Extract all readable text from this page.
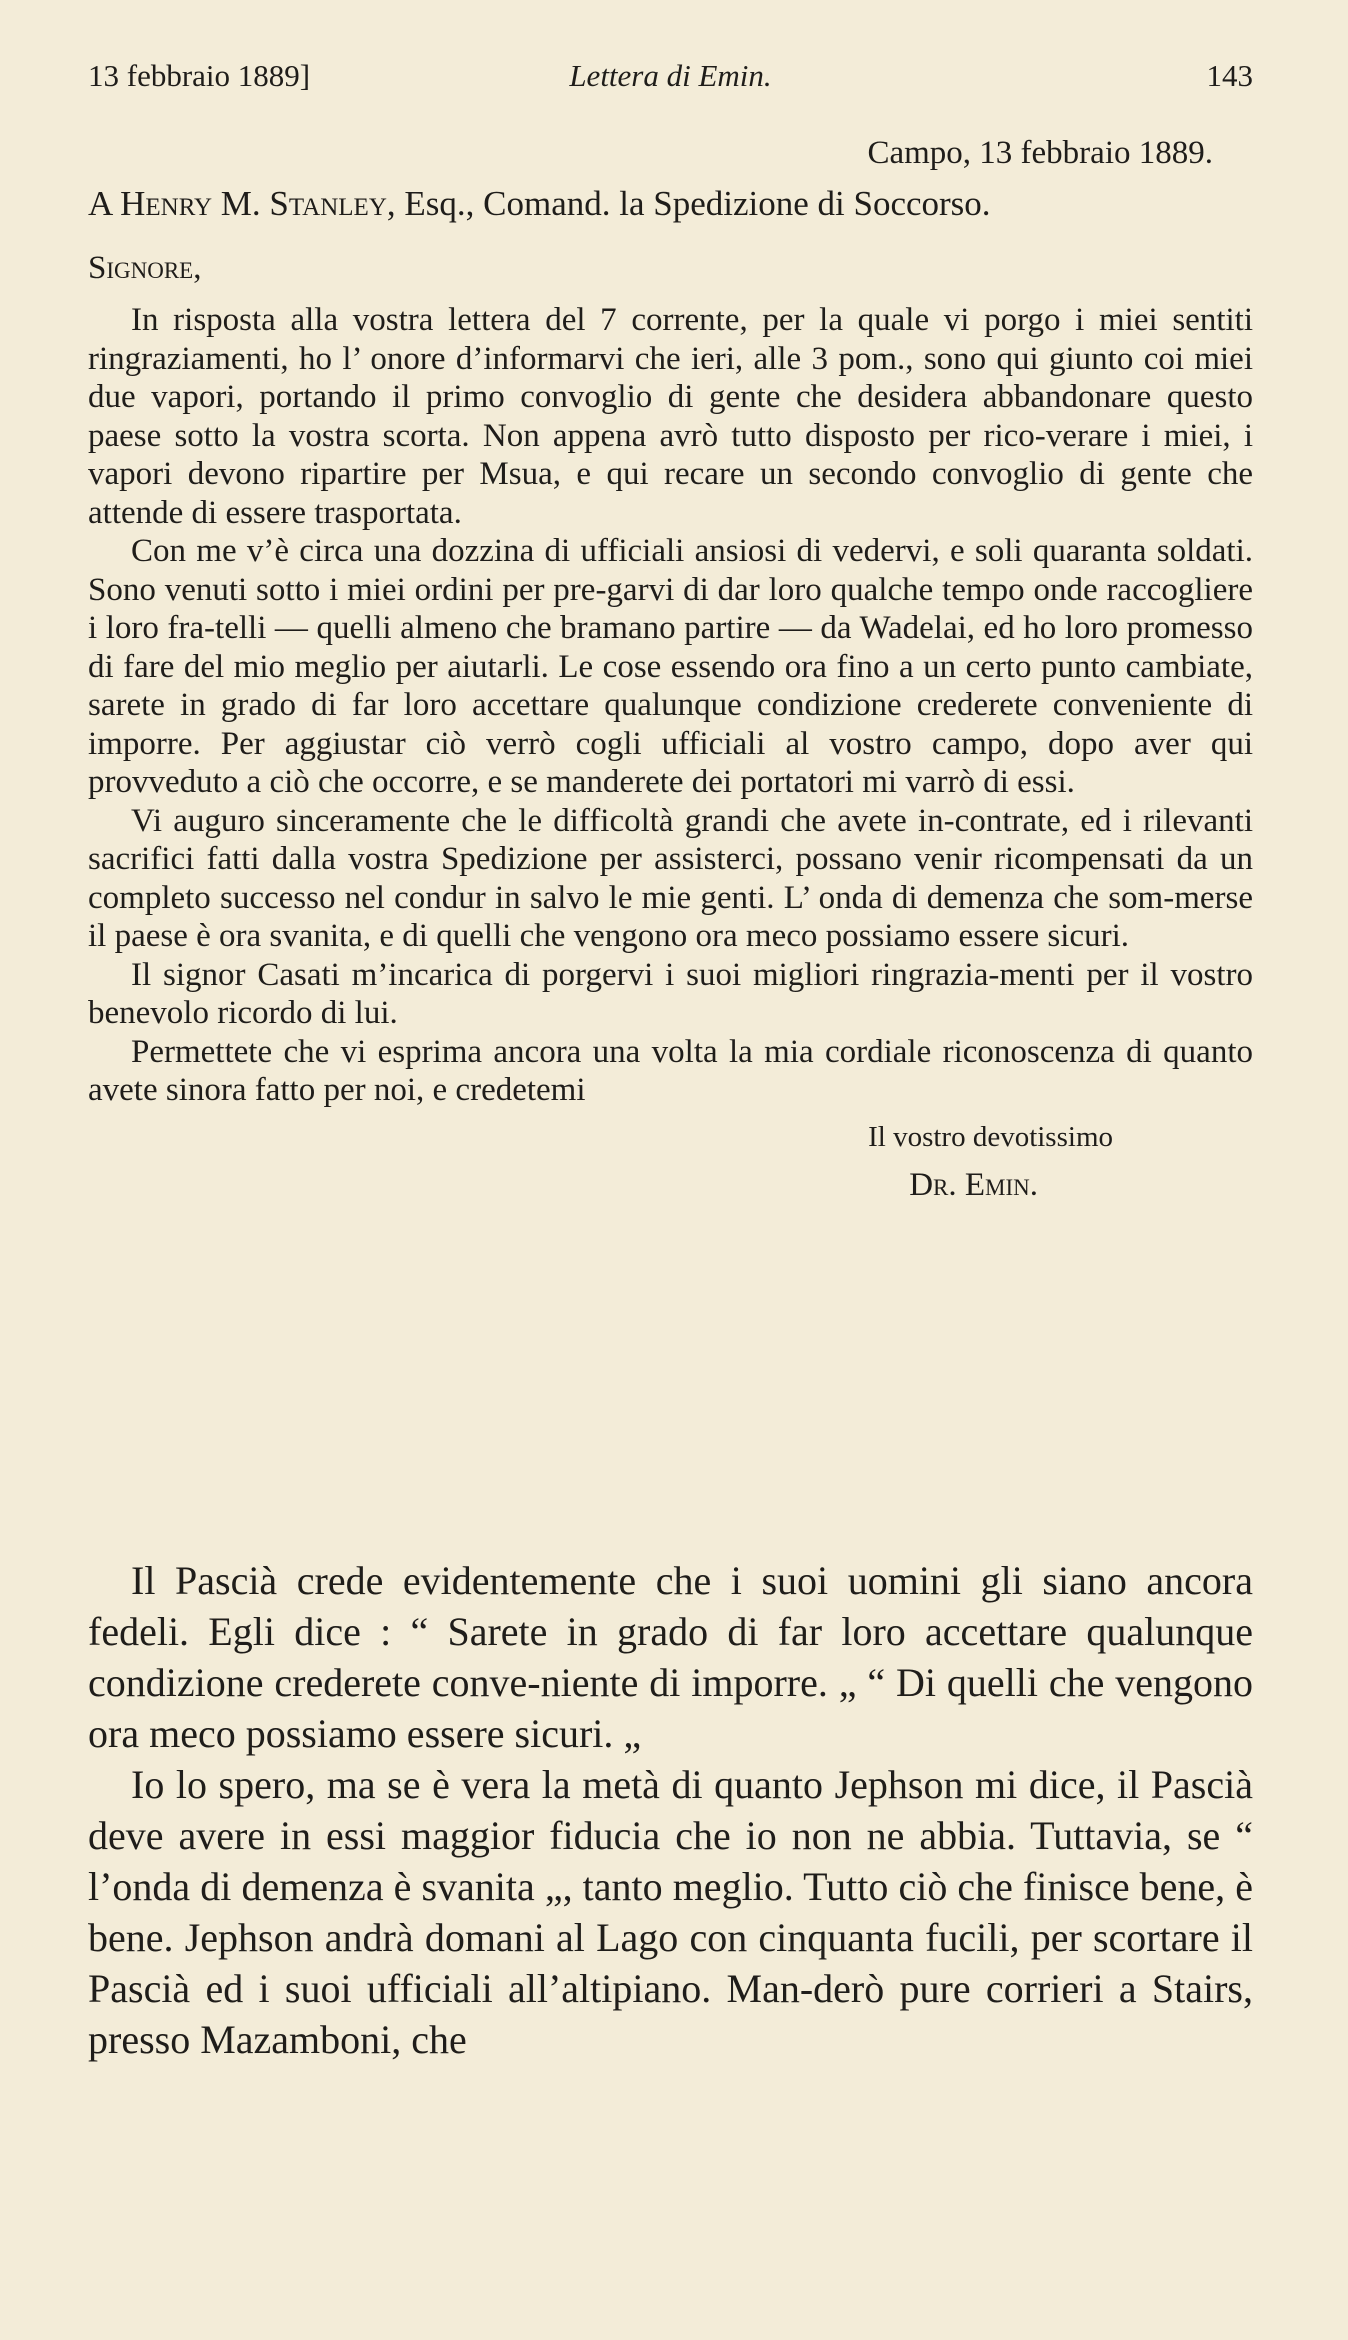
13 febbraio 1889]	Lettera di Emin.	143

Campo, 13 febbraio 1889.

A Henry M. Stanley, Esq., Comand. la Spedizione di Soccorso.

Signore,

In risposta alla vostra lettera del 7 corrente, per la quale vi porgo i miei sentiti ringraziamenti, ho l’ onore d’informarvi che ieri, alle 3 pom., sono qui giunto coi miei due vapori, portando il primo convoglio di gente che desidera abbandonare questo paese sotto la vostra scorta. Non appena avrò tutto disposto per rico-verare i miei, i vapori devono ripartire per Msua, e qui recare un secondo convoglio di gente che attende di essere trasportata.

Con me v’è circa una dozzina di ufficiali ansiosi di vedervi, e soli quaranta soldati. Sono venuti sotto i miei ordini per pre-garvi di dar loro qualche tempo onde raccogliere i loro fra-telli — quelli almeno che bramano partire — da Wadelai, ed ho loro promesso di fare del mio meglio per aiutarli. Le cose essendo ora fino a un certo punto cambiate, sarete in grado di far loro accettare qualunque condizione crederete conveniente di imporre. Per aggiustar ciò verrò cogli ufficiali al vostro campo, dopo aver qui provveduto a ciò che occorre, e se manderete dei portatori mi varrò di essi.

Vi auguro sinceramente che le difficoltà grandi che avete in-contrate, ed i rilevanti sacrifici fatti dalla vostra Spedizione per assisterci, possano venir ricompensati da un completo successo nel condur in salvo le mie genti. L’ onda di demenza che som-merse il paese è ora svanita, e di quelli che vengono ora meco possiamo essere sicuri.

Il signor Casati m’incarica di porgervi i suoi migliori ringrazia-menti per il vostro benevolo ricordo di lui.

Permettete che vi esprima ancora una volta la mia cordiale riconoscenza di quanto avete sinora fatto per noi, e credetemi

Il vostro devotissimo

Dr. Emin.

Il Pascià crede evidentemente che i suoi uomini gli siano ancora fedeli. Egli dice : “ Sarete in grado di far loro accettare qualunque condizione crederete conve-niente di imporre. „ “ Di quelli che vengono ora meco possiamo essere sicuri. „

Io lo spero, ma se è vera la metà di quanto Jephson mi dice, il Pascià deve avere in essi maggior fiducia che io non ne abbia. Tuttavia, se “ l’onda di demenza è svanita „, tanto meglio. Tutto ciò che finisce bene, è bene. Jephson andrà domani al Lago con cinquanta fucili, per scortare il Pascià ed i suoi ufficiali all’altipiano. Man-derò pure corrieri a Stairs, presso Mazamboni, che
